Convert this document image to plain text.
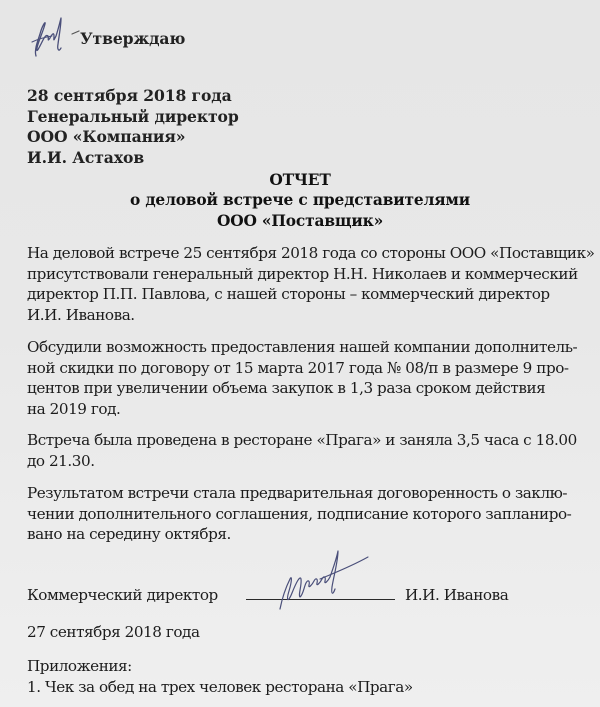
Утверждаю
28 сентября 2018 года
Генеральный директор
ООО «Компания»
И.И. Астахов
ОТЧЕТ
о деловой встрече с представителями
ООО «Поставщик»
На деловой встрече 25 сентября 2018 года со стороны ООО «Поставщик»
присутствовали генеральный директор Н.Н. Николаев и коммерческий
директор П.П. Павлова, с нашей стороны – коммерческий директор
И.И. Иванова.
Обсудили возможность предоставления нашей компании дополнитель-
ной скидки по договору от 15 марта 2017 года № 08/п в размере 9 про-
центов при увеличении объема закупок в 1,3 раза сроком действия
на 2019 год.
Встреча была проведена в ресторане «Прага» и заняла 3,5 часа с 18.00
до 21.30.
Результатом встречи стала предварительная договоренность о заклю-
чении дополнительного соглашения, подписание которого запланиро-
вано на середину октября.
Коммерческий директор	И.И. Иванова
27 сентября 2018 года
Приложения:
1. Чек за обед на трех человек ресторана «Прага»
